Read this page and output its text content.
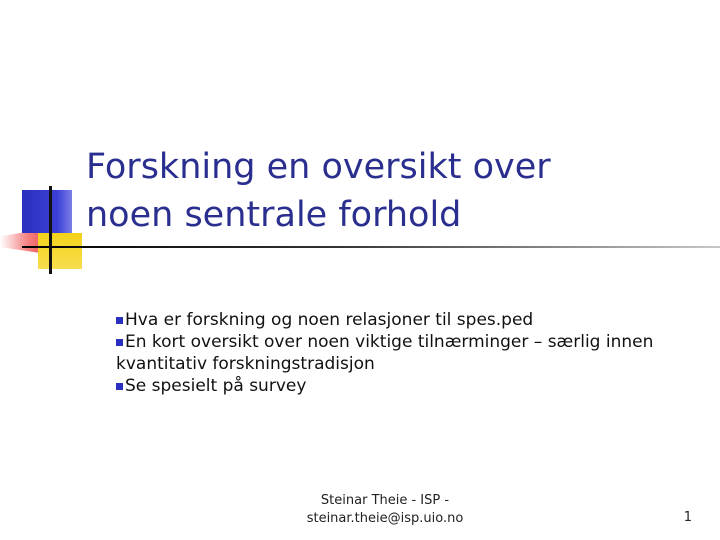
Forskning en oversikt over
noen sentrale forhold
Hva er forskning og noen relasjoner til spes.ped
En kort oversikt over noen viktige tilnærminger – særlig innen kvantitativ forskningstradisjon
Se spesielt på survey
Steinar Theie - ISP -
steinar.theie@isp.uio.no	1
